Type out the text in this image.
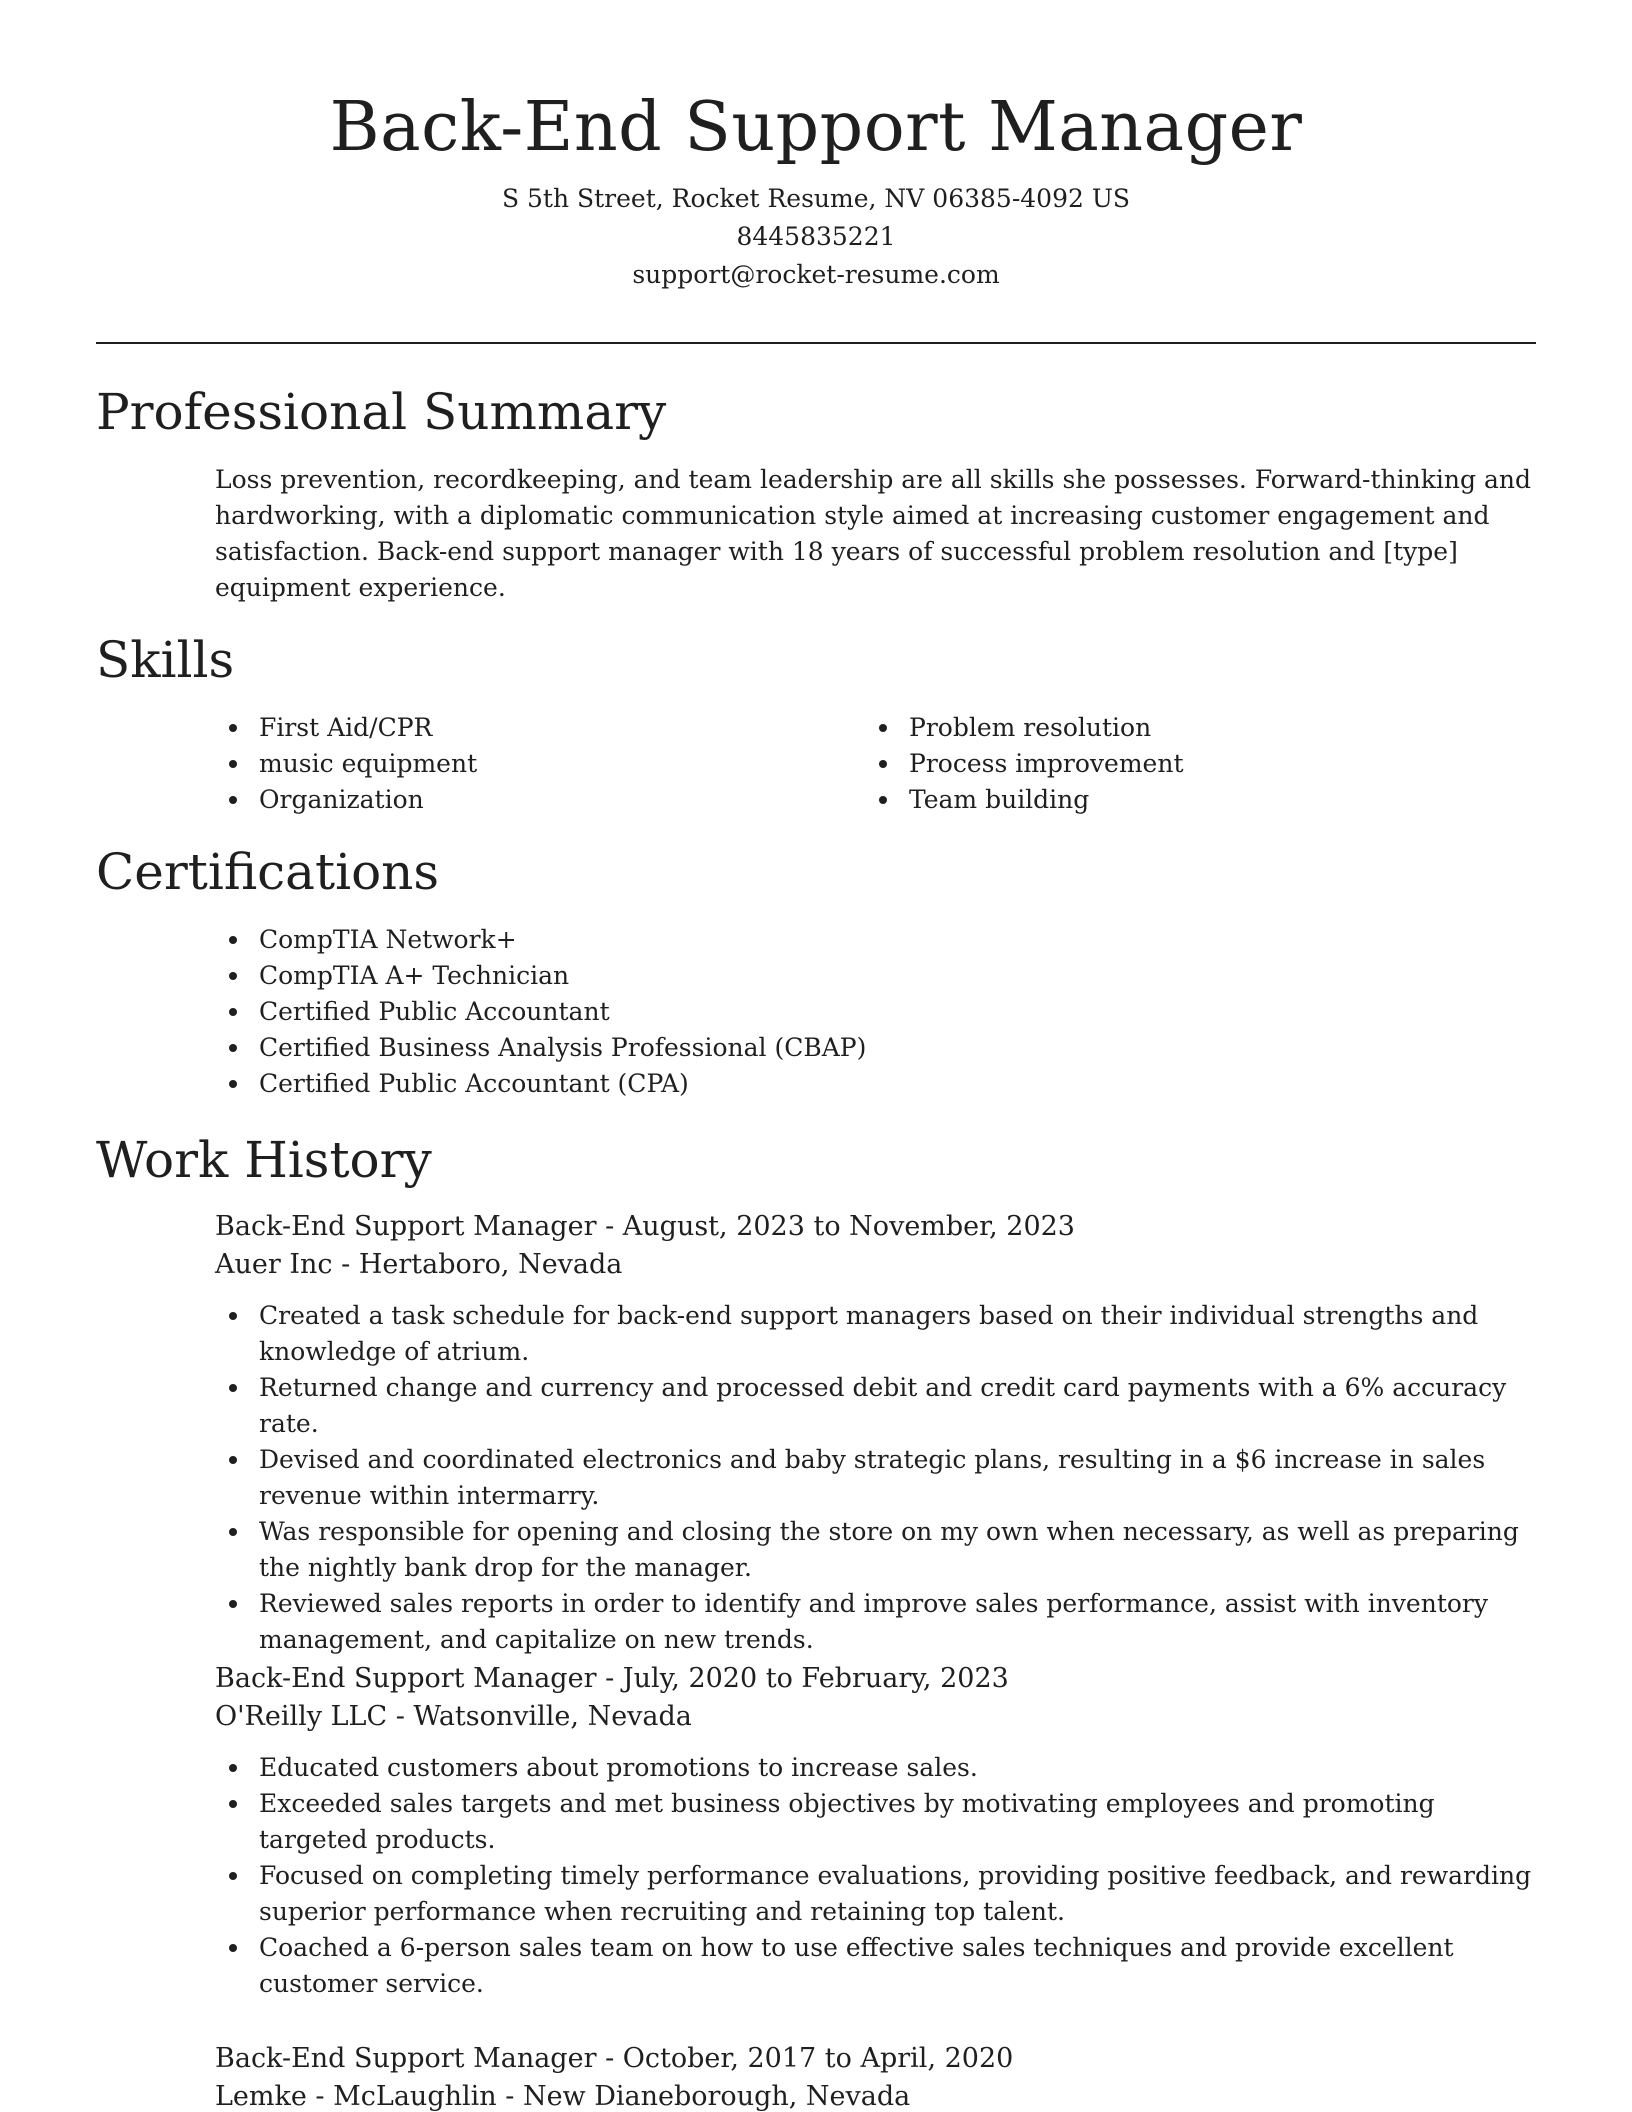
Back-End Support Manager
S 5th Street, Rocket Resume, NV 06385-4092 US
8445835221
support@rocket-resume.com
Professional Summary

Loss prevention, recordkeeping, and team leadership are all skills she possesses. Forward-thinking and hardworking, with a diplomatic communication style aimed at increasing customer engagement and satisfaction. Back-end support manager with 18 years of successful problem resolution and [type] equipment experience.

Skills
First Aid/CPR
music equipment
Organization
Problem resolution
Process improvement
Team building
Certifications
CompTIA Network+
CompTIA A+ Technician
Certified Public Accountant
Certified Business Analysis Professional (CBAP)
Certified Public Accountant (CPA)
Work History
Back-End Support Manager - August, 2023 to November, 2023
Auer Inc - Hertaboro, Nevada
Created a task schedule for back-end support managers based on their individual strengths and knowledge of atrium.
Returned change and currency and processed debit and credit card payments with a 6% accuracy rate.
Devised and coordinated electronics and baby strategic plans, resulting in a $6 increase in sales revenue within intermarry.
Was responsible for opening and closing the store on my own when necessary, as well as preparing the nightly bank drop for the manager.
Reviewed sales reports in order to identify and improve sales performance, assist with inventory management, and capitalize on new trends.
Back-End Support Manager - July, 2020 to February, 2023
O'Reilly LLC - Watsonville, Nevada
Educated customers about promotions to increase sales.
Exceeded sales targets and met business objectives by motivating employees and promoting targeted products.
Focused on completing timely performance evaluations, providing positive feedback, and rewarding superior performance when recruiting and retaining top talent.
Coached a 6-person sales team on how to use effective sales techniques and provide excellent customer service.
Back-End Support Manager - October, 2017 to April, 2020
Lemke - McLaughlin - New Dianeborough, Nevada
